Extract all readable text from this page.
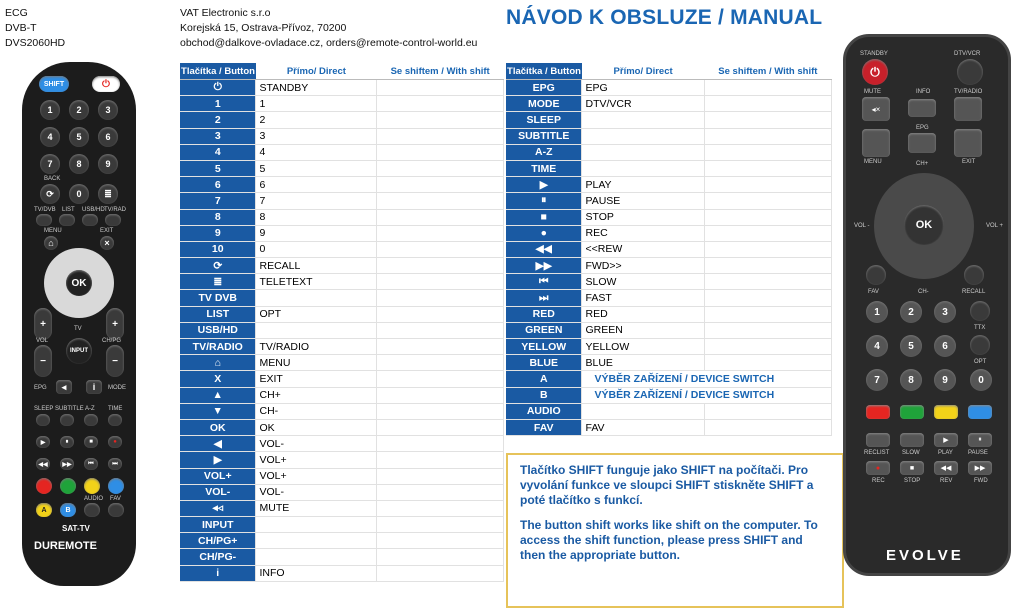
ECG
DVB-T
DVS2060HD
VAT Electronic s.r.o
Korejská 15, Ostrava-Přívoz, 70200
obchod@dalkove-ovladace.cz, orders@remote-control-world.eu
NÁVOD K OBSLUZE / MANUAL
Tlačítka / Button	Přímo/ Direct	Se shiftem / With shift
⏻	STANDBY	
1	1	
2	2	
3	3	
4	4	
5	5	
6	6	
7	7	
8	8	
9	9	
10	0	
⟳	RECALL	
≣	TELETEXT	
TV DVB		
LIST	OPT	
USB/HD		
TV/RADIO	TV/RADIO	
⌂	MENU	
X	EXIT	
▲	CH+	
▼	CH-	
OK	OK	
◀	VOL-	
▶	VOL+	
VOL+	VOL+	
VOL-	VOL-	
◂◃	MUTE	
INPUT		
CH/PG+		
CH/PG-		
i	INFO	
Tlačítka / Button	Přímo/ Direct	Se shiftem / With shift
EPG	EPG	
MODE	DTV/VCR	
SLEEP		
SUBTITLE		
A-Z		
TIME		
▶	PLAY	
⏸	PAUSE	
■	STOP	
●	REC	
◀◀	<<REW	
▶▶	FWD>>	
⏮	SLOW	
⏭	FAST	
RED	RED	
GREEN	GREEN	
YELLOW	YELLOW	
BLUE	BLUE	
A	VÝBĚR ZAŘÍZENÍ / DEVICE SWITCH	
B	VÝBĚR ZAŘÍZENÍ / DEVICE SWITCH	
AUDIO		
FAV	FAV	

Tlačítko SHIFT funguje jako SHIFT na počítači. Pro vyvolání funkce ve sloupci SHIFT stiskněte SHIFT a poté tlačítko s funkcí.

The button shift works like shift on the computer. To access the shift function, please press SHIFT and then the appropriate button.

SHIFT	⏻
1	2	3
4	5	6
7	8	9
BACK
⟳	0	≣
TV/DVB LIST USB/HD TV/RAD
MENU	EXIT
⌂	×
OK
TV
+	+
INPUT
−	−
VOL	CH/PG
◂	i
EPG	MODE
SLEEP SUBTITLE A-Z TIME
▶	⏸	■	●
◀◀	▶▶	⏮	⏭
AUDIO FAV
A	B
SAT-TV
DUREMOTE
STANDBY	DTV/VCR
⏻
MUTE	INFO	TV/RADIO
◂×
EPG
MENU	CH+	EXIT
OK
VOL -	VOL +
FAV	CH-	RECALL
1	2	3
TTX
4	5	6
OPT
7	8	9	0
▶	⏸
RECLIST SLOW	PLAY	PAUSE
●	■	◀◀	▶▶
REC	STOP	REV	FWD
EVOLVE
